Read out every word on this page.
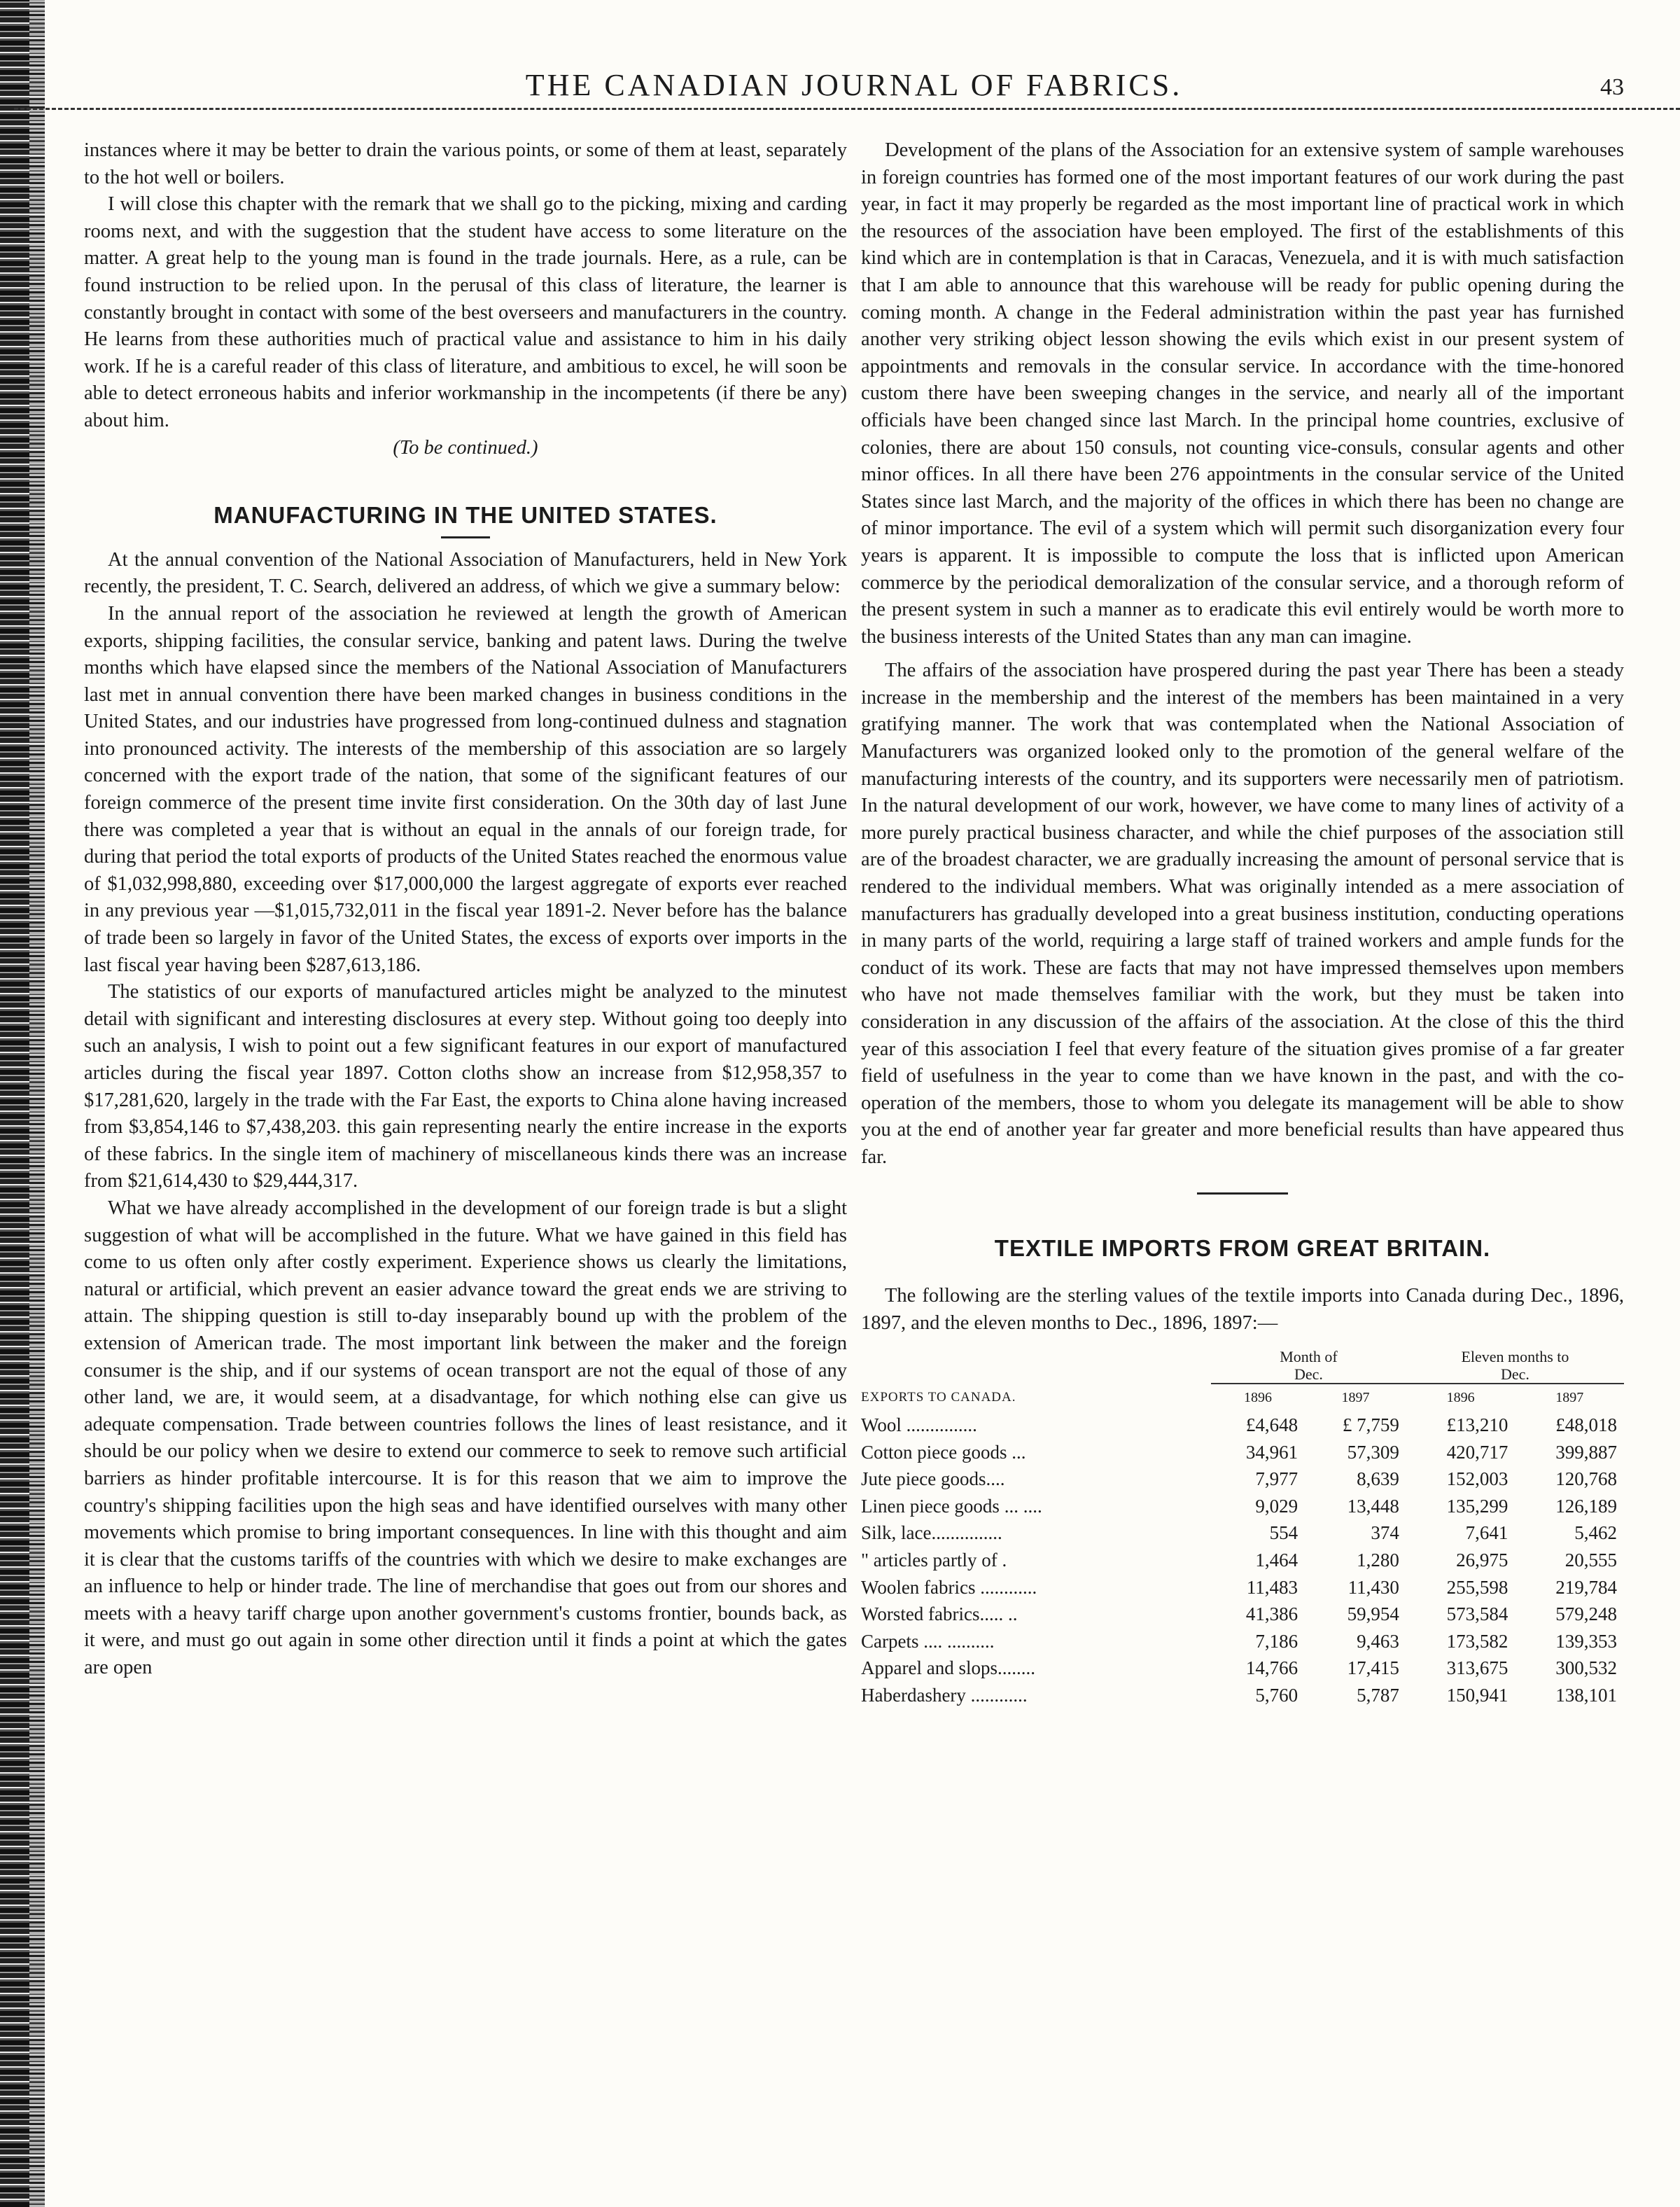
THE CANADIAN JOURNAL OF FABRICS.	43

instances where it may be better to drain the various points, or some of them at least, separately to the hot well or boilers.

I will close this chapter with the remark that we shall go to the picking, mixing and carding rooms next, and with the suggestion that the student have access to some literature on the matter. A great help to the young man is found in the trade journals. Here, as a rule, can be found instruction to be relied upon. In the perusal of this class of literature, the learner is constantly brought in contact with some of the best overseers and manufacturers in the country. He learns from these authorities much of practical value and assistance to him in his daily work. If he is a careful reader of this class of literature, and ambitious to excel, he will soon be able to detect erroneous habits and inferior workmanship in the incompetents (if there be any) about him.

(To be continued.)

MANUFACTURING IN THE UNITED STATES.

At the annual convention of the National Association of Manufacturers, held in New York recently, the president, T. C. Search, delivered an address, of which we give a summary below:

In the annual report of the association he reviewed at length the growth of American exports, shipping facilities, the consular service, banking and patent laws. During the twelve months which have elapsed since the members of the National Association of Manufacturers last met in annual convention there have been marked changes in business conditions in the United States, and our industries have progressed from long-continued dulness and stagnation into pronounced activity. The interests of the membership of this association are so largely concerned with the export trade of the nation, that some of the significant features of our foreign commerce of the present time invite first consideration. On the 30th day of last June there was completed a year that is without an equal in the annals of our foreign trade, for during that period the total exports of products of the United States reached the enormous value of $1,032,998,880, exceeding over $17,000,000 the largest aggregate of exports ever reached in any previous year —$1,015,732,011 in the fiscal year 1891-2. Never before has the balance of trade been so largely in favor of the United States, the excess of exports over imports in the last fiscal year having been $287,613,186.

The statistics of our exports of manufactured articles might be analyzed to the minutest detail with significant and interesting disclosures at every step. Without going too deeply into such an analysis, I wish to point out a few significant features in our export of manufactured articles during the fiscal year 1897. Cotton cloths show an increase from $12,958,357 to $17,281,620, largely in the trade with the Far East, the exports to China alone having increased from $3,854,146 to $7,438,203. this gain representing nearly the entire increase in the exports of these fabrics. In the single item of machinery of miscellaneous kinds there was an increase from $21,614,430 to $29,444,317.

What we have already accomplished in the development of our foreign trade is but a slight suggestion of what will be accomplished in the future. What we have gained in this field has come to us often only after costly experiment. Experience shows us clearly the limitations, natural or artificial, which prevent an easier advance toward the great ends we are striving to attain. The shipping question is still to-day inseparably bound up with the problem of the extension of American trade. The most important link between the maker and the foreign consumer is the ship, and if our systems of ocean transport are not the equal of those of any other land, we are, it would seem, at a disadvantage, for which nothing else can give us adequate compensation. Trade between countries follows the lines of least resistance, and it should be our policy when we desire to extend our commerce to seek to remove such artificial barriers as hinder profitable intercourse. It is for this reason that we aim to improve the country's shipping facilities upon the high seas and have identified ourselves with many other movements which promise to bring important consequences. In line with this thought and aim it is clear that the customs tariffs of the countries with which we desire to make exchanges are an influence to help or hinder trade. The line of merchandise that goes out from our shores and meets with a heavy tariff charge upon another government's customs frontier, bounds back, as it were, and must go out again in some other direction until it finds a point at which the gates are open

Development of the plans of the Association for an extensive system of sample warehouses in foreign countries has formed one of the most important features of our work during the past year, in fact it may properly be regarded as the most important line of practical work in which the resources of the association have been employed. The first of the establishments of this kind which are in contemplation is that in Caracas, Venezuela, and it is with much satisfaction that I am able to announce that this warehouse will be ready for public opening during the coming month. A change in the Federal administration within the past year has furnished another very striking object lesson showing the evils which exist in our present system of appointments and removals in the consular service. In accordance with the time-honored custom there have been sweeping changes in the service, and nearly all of the important officials have been changed since last March. In the principal home countries, exclusive of colonies, there are about 150 consuls, not counting vice-consuls, consular agents and other minor offices. In all there have been 276 appointments in the consular service of the United States since last March, and the majority of the offices in which there has been no change are of minor importance. The evil of a system which will permit such disorganization every four years is apparent. It is impossible to compute the loss that is inflicted upon American commerce by the periodical demoralization of the consular service, and a thorough reform of the present system in such a manner as to eradicate this evil entirely would be worth more to the business interests of the United States than any man can imagine.

The affairs of the association have prospered during the past year There has been a steady increase in the membership and the interest of the members has been maintained in a very gratifying manner. The work that was contemplated when the National Association of Manufacturers was organized looked only to the promotion of the general welfare of the manufacturing interests of the country, and its supporters were necessarily men of patriotism. In the natural development of our work, however, we have come to many lines of activity of a more purely practical business character, and while the chief purposes of the association still are of the broadest character, we are gradually increasing the amount of personal service that is rendered to the individual members. What was originally intended as a mere association of manufacturers has gradually developed into a great business institution, conducting operations in many parts of the world, requiring a large staff of trained workers and ample funds for the conduct of its work. These are facts that may not have impressed themselves upon members who have not made themselves familiar with the work, but they must be taken into consideration in any discussion of the affairs of the association. At the close of this the third year of this association I feel that every feature of the situation gives promise of a far greater field of usefulness in the year to come than we have known in the past, and with the co-operation of the members, those to whom you delegate its management will be able to show you at the end of another year far greater and more beneficial results than have appeared thus far.

TEXTILE IMPORTS FROM GREAT BRITAIN.

The following are the sterling values of the textile imports into Canada during Dec., 1896, 1897, and the eleven months to Dec., 1896, 1897:—

	Month of
Dec.		Eleven months to
Dec.	

EXPORTS TO CANADA.	1896	1897	1896	1897
Wool ...............	£4,648	£ 7,759	£13,210	£48,018
Cotton piece goods ...	34,961	57,309	420,717	399,887
Jute piece goods....	7,977	8,639	152,003	120,768
Linen piece goods ... ....	9,029	13,448	135,299	126,189
Silk, lace...............	554	374	7,641	5,462
" articles partly of .	1,464	1,280	26,975	20,555
Woolen fabrics ............	11,483	11,430	255,598	219,784
Worsted fabrics..... ..	41,386	59,954	573,584	579,248
Carpets .... ..........	7,186	9,463	173,582	139,353
Apparel and slops........	14,766	17,415	313,675	300,532
Haberdashery ............	5,760	5,787	150,941	138,101
